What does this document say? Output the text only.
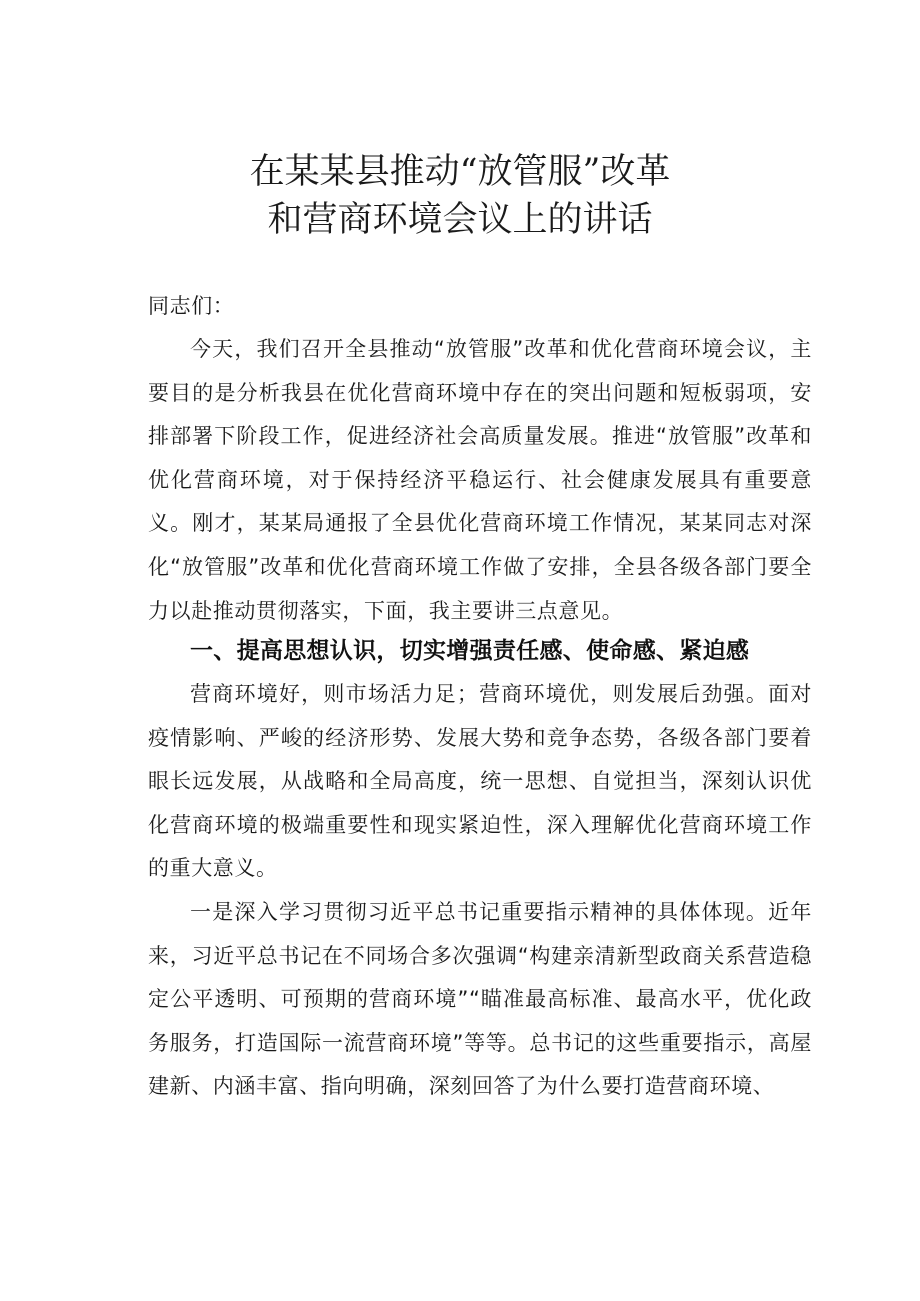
在某某县推动“放管服”改革
和营商环境会议上的讲话
同志们：

今天，我们召开全县推动“放管服”改革和优化营商环境会议，主要目的是分析我县在优化营商环境中存在的突出问题和短板弱项，安排部署下阶段工作，促进经济社会高质量发展。推进“放管服”改革和优化营商环境，对于保持经济平稳运行、社会健康发展具有重要意义。刚才，某某局通报了全县优化营商环境工作情况，某某同志对深化“放管服”改革和优化营商环境工作做了安排，全县各级各部门要全力以赴推动贯彻落实，下面，我主要讲三点意见。

一、提高思想认识，切实增强责任感、使命感、紧迫感

营商环境好，则市场活力足；营商环境优，则发展后劲强。面对疫情影响、严峻的经济形势、发展大势和竞争态势，各级各部门要着眼长远发展，从战略和全局高度，统一思想、自觉担当，深刻认识优化营商环境的极端重要性和现实紧迫性，深入理解优化营商环境工作的重大意义。

一是深入学习贯彻习近平总书记重要指示精神的具体体现。近年来，习近平总书记在不同场合多次强调“构建亲清新型政商关系营造稳定公平透明、可预期的营商环境”“瞄准最高标准、最高水平，优化政务服务，打造国际一流营商环境”等等。总书记的这些重要指示，高屋建新、内涵丰富、指向明确，深刻回答了为什么要打造营商环境、
